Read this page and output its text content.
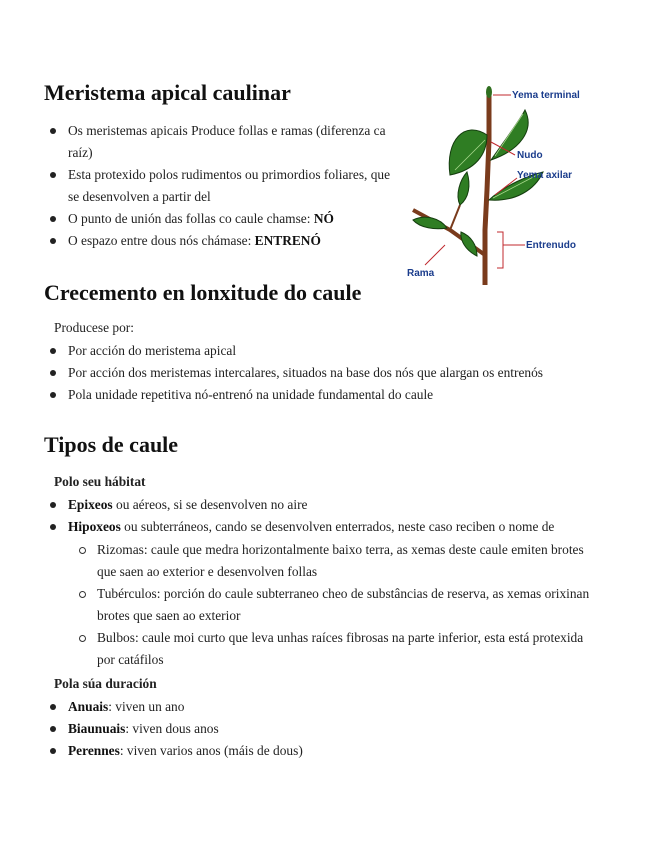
Meristema apical caulinar
Os meristemas apicais Produce follas e ramas (diferenza ca raíz)
Esta protexido polos rudimentos ou primordios foliares, que se desenvolven a partir del
O punto de unión das follas co caule chamse: NÓ
O espazo entre dous nós chámase: ENTRENÓ
Yema terminal
Nudo
Yema axilar
Entrenudo
Rama
Crecemento en lonxitude do caule
Producese por:
Por acción do meristema apical
Por acción dos meristemas intercalares, situados na base dos nós que alargan os entrenós
Pola unidade repetitiva nó-entrenó na unidade fundamental do caule
Tipos de caule
Polo seu hábitat
Epixeos ou aéreos, si se desenvolven no aire
Hipoxeos ou subterráneos, cando se desenvolven enterrados, neste caso reciben o nome de
Rizomas: caule que medra horizontalmente baixo terra, as xemas deste caule emiten brotes que saen ao exterior e desenvolven follas
Tubérculos: porción do caule subterraneo cheo de substâncias de reserva, as xemas orixinan brotes que saen ao exterior
Bulbos: caule moi curto que leva unhas raíces fibrosas na parte inferior, esta está protexida por catáfilos
Pola súa duración
Anuais: viven un ano
Biaunuais: viven dous anos
Perennes: viven varios anos (máis de dous)
